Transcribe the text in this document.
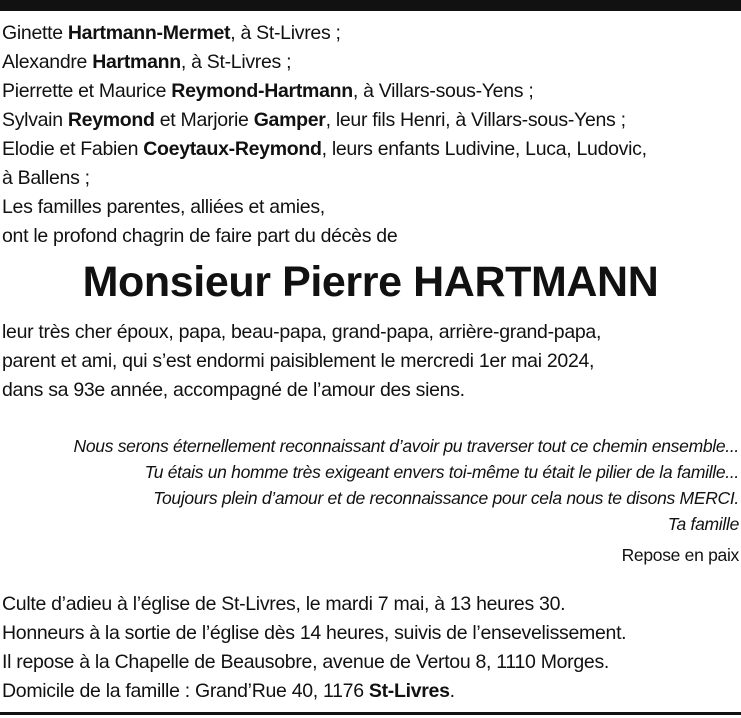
Ginette Hartmann-Mermet, à St-Livres ;
Alexandre Hartmann, à St-Livres ;
Pierrette et Maurice Reymond-Hartmann, à Villars-sous-Yens ;
Sylvain Reymond et Marjorie Gamper, leur fils Henri, à Villars-sous-Yens ;
Elodie et Fabien Coeytaux-Reymond, leurs enfants Ludivine, Luca, Ludovic,
à Ballens ;
Les familles parentes, alliées et amies,
ont le profond chagrin de faire part du décès de
Monsieur Pierre HARTMANN
leur très cher époux, papa, beau-papa, grand-papa, arrière-grand-papa,
parent et ami, qui s’est endormi paisiblement le mercredi 1er mai 2024,
dans sa 93e année, accompagné de l’amour des siens.
Nous serons éternellement reconnaissant d’avoir pu traverser tout ce chemin ensemble...
Tu étais un homme très exigeant envers toi-même tu était le pilier de la famille...
Toujours plein d’amour et de reconnaissance pour cela nous te disons MERCI.
Ta famille
Repose en paix
Culte d’adieu à l’église de St-Livres, le mardi 7 mai, à 13 heures 30.
Honneurs à la sortie de l’église dès 14 heures, suivis de l’ensevelissement.
Il repose à la Chapelle de Beausobre, avenue de Vertou 8, 1110 Morges.
Domicile de la famille : Grand’Rue 40, 1176 St-Livres.
